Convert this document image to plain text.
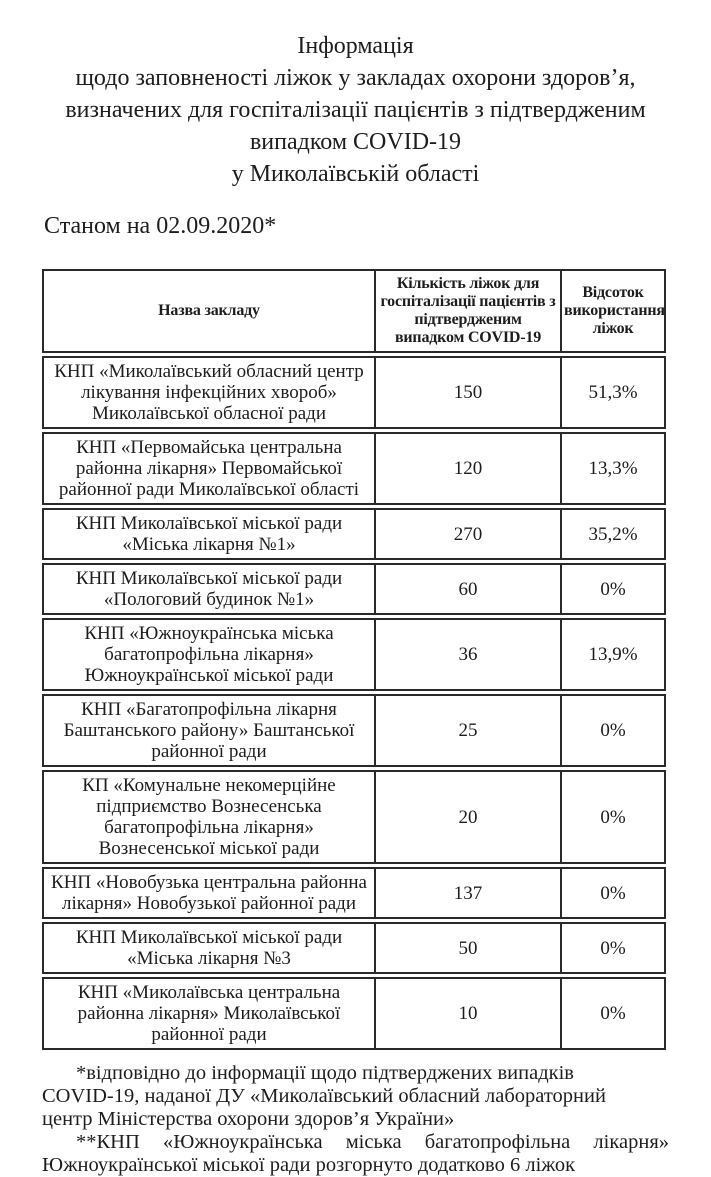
Інформація
щодо заповненості ліжок у закладах охорони здоров’я,
визначених для госпіталізації пацієнтів з підтвердженим
випадком COVID-19
у Миколаївській області
Станом на 02.09.2020*
Назва закладу	Кількість ліжок для госпіталізації пацієнтів з підтвердженим випадком COVID-19	Відсоток використання ліжок
КНП «Миколаївський обласний центр лікування інфекційних хвороб» Миколаївської обласної ради	150	51,3%
КНП «Первомайська центральна районна лікарня» Первомайської районної ради Миколаївської області	120	13,3%
КНП Миколаївської міської ради «Міська лікарня №1»	270	35,2%
КНП Миколаївської міської ради «Пологовий будинок №1»	60	0%
КНП «Южноукраїнська міська багатопрофільна лікарня» Южноукраїнської міської ради	36	13,9%
КНП «Багатопрофільна лікарня Баштанського району» Баштанської районної ради	25	0%
КП «Комунальне некомерційне підприємство Вознесенська багатопрофільна лікарня» Вознесенської міської ради	20	0%
КНП «Новобузька центральна районна лікарня» Новобузької районної ради	137	0%
КНП Миколаївської міської ради «Міська лікарня №3	50	0%
КНП «Миколаївська центральна районна лікарня» Миколаївської районної ради	10	0%
*відповідно до інформації щодо підтверджених випадків
COVID-19, наданої ДУ «Миколаївський обласний лабораторний
центр Міністерства охорони здоров’я України»
**КНП «Южноукраїнська міська багатопрофільна лікарня»
Южноукраїнської міської ради розгорнуто додатково 6 ліжок
